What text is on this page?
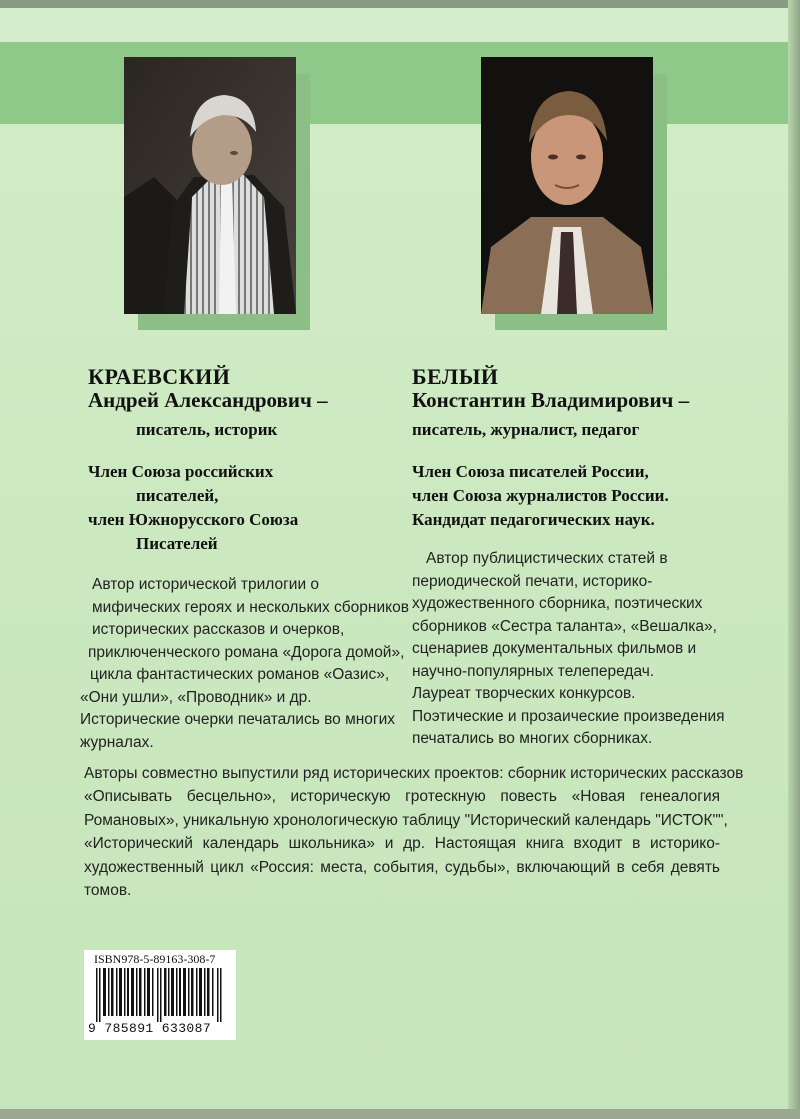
КРАЕВСКИЙ
Андрей Александрович –
писатель, историк
Член Союза российских
писателей,
член Южнорусского Союза
Писателей
Автор исторической трилогии о
мифических героях и нескольких сборников
исторических рассказов и очерков,
приключенческого романа «Дорога домой»,
цикла фантастических романов «Оазис»,
«Они ушли», «Проводник» и др.
Исторические очерки печатались во многих
журналах.
БЕЛЫЙ
Константин Владимирович –
писатель, журналист, педагог
Член Союза писателей России,
член Союза журналистов России.
Кандидат педагогических наук.
Автор публицистических статей в
периодической печати, историко-
художественного сборника, поэтических
сборников «Сестра таланта», «Вешалка»,
сценариев документальных фильмов и
научно-популярных телепередач.
Лауреат творческих конкурсов.
Поэтические и прозаические произведения
печатались во многих сборниках.
Авторы совместно выпустили ряд исторических проектов: сборник исторических рассказов
«Описывать бесцельно», историческую гротескную повесть «Новая генеалогия
Романовых», уникальную хронологическую таблицу "Исторический календарь "ИСТОК"",
«Исторический календарь школьника» и др. Настоящая книга входит в историко-
художественный цикл «Россия: места, события, судьбы», включающий в себя девять
томов.
ISBN978-5-89163-308-7
9 785891 633087
